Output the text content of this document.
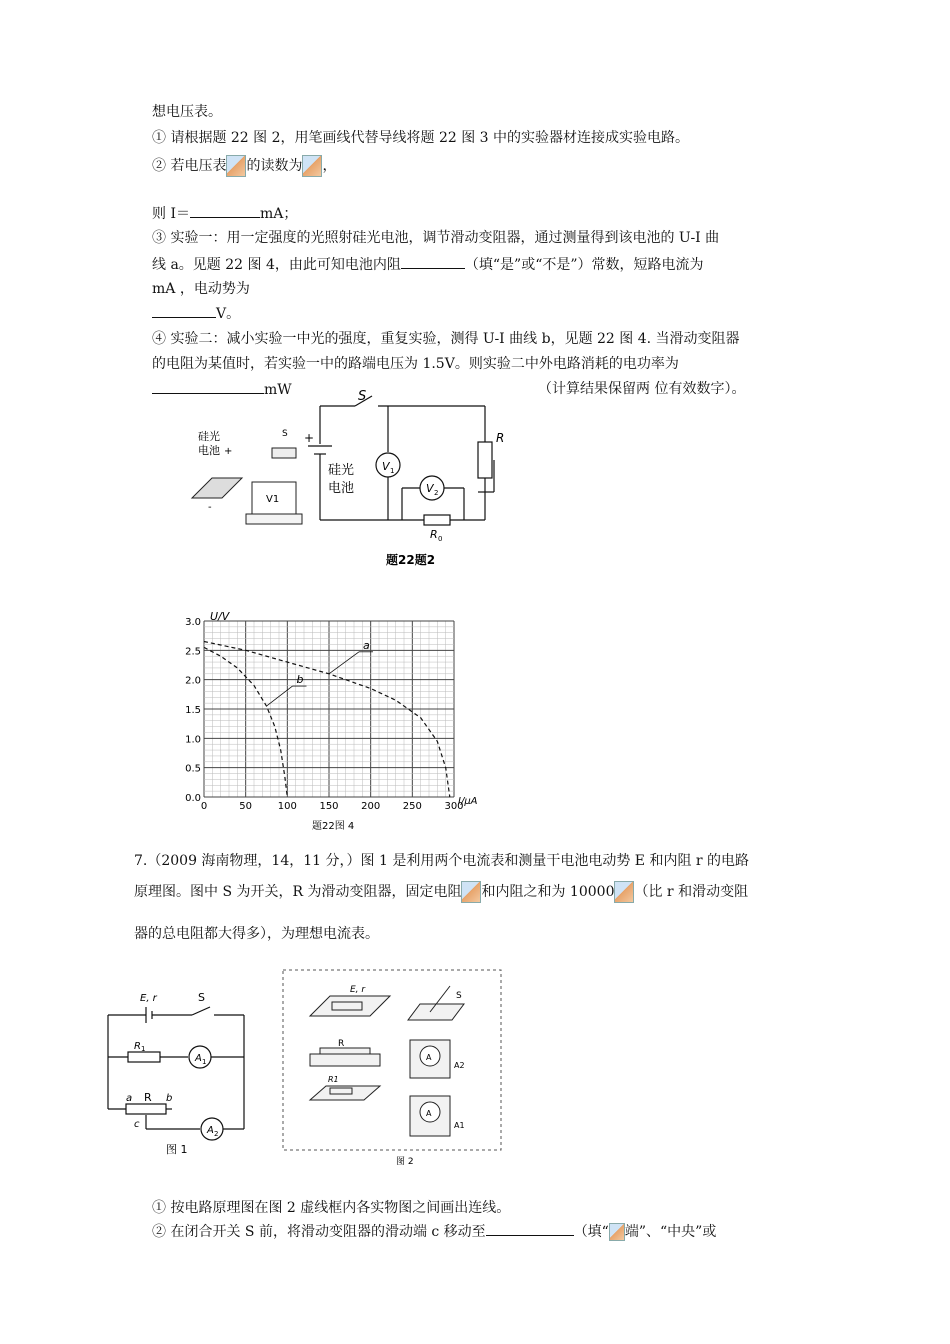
想电压表。
① 请根据题 22 图 2，用笔画线代替导线将题 22 图 3 中的实验器材连接成实验电路。
② 若电压表 的读数为 ，
则 I＝	mA；
③ 实验一：用一定强度的光照射硅光电池，调节滑动变阻器，通过测量得到该电池的 U-I 曲
线 a。见题 22 图 4，由此可知电池内阻	（填“是”或“不是”）常数，短路电流为
mA ，电动势为
V。
④ 实验二：减小实验一中光的强度，重复实验，测得 U-I 曲线 b，见题 22 图 4. 当滑动变阻器
的电阻为某值时，若实验一中的路端电压为 1.5V。则实验二中外电路消耗的电功率为
mW	（计算结果保留两 位有效数字）。
硅光
电池 +
-
S
V1
S
+
硅光
电池
V 1
V 2
R
R 0
题22题2
U/V
I/μA
题22图 4
0	50	100 150 200 250 300
0.0
0.5
1.0
1.5
2.0
2.5
3.0
a
b
7.（2009 海南物理，14，11 分，）图 1 是利用两个电流表和测量干电池电动势 E 和内阻 r 的电路
原理图。图中 S 为开关，R 为滑动变阻器，固定电阻 和内阻之和为 10000 （比 r 和滑动变阻
器的总电阻都大得多），为理想电流表。
E, r	S
R 1
A 1
R
a	b
c
A 2
图 1
E, r
S
R
A
A2
R1
A
A1
图 2
① 按电路原理图在图 2 虚线框内各实物图之间画出连线。
② 在闭合开关 S 前，将滑动变阻器的滑动端 c 移动至	（填“ 端”、“中央”或
